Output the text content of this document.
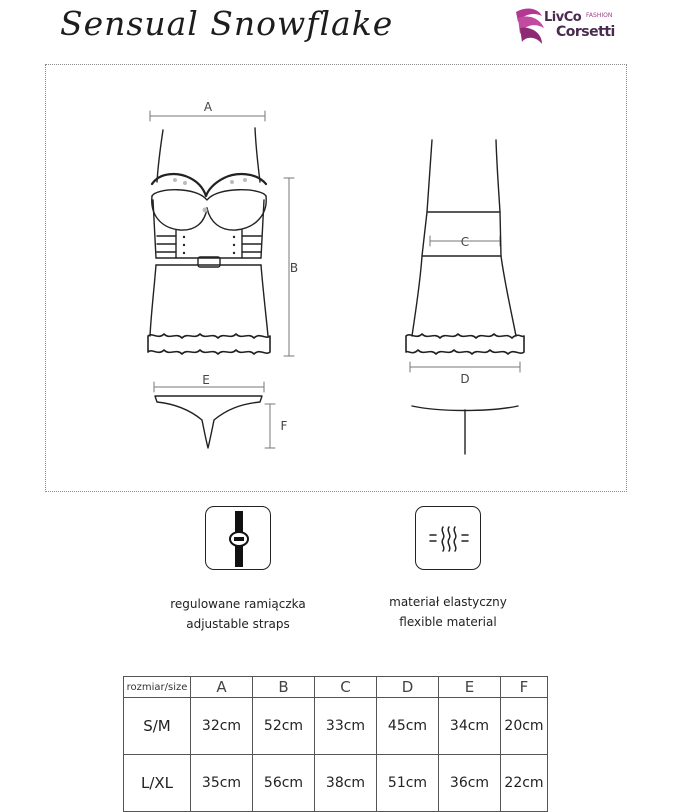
Sensual Snowflake	LivCo FASHION
Corsetti
A
B
C
D
E
F
regulowane ramiączka
adjustable straps
materiał elastyczny
flexible material
rozmiar/size	A	B	C	D	E	F
S/M	32cm	52cm	33cm	45cm	34cm	20cm
L/XL	35cm	56cm	38cm	51cm	36cm	22cm
